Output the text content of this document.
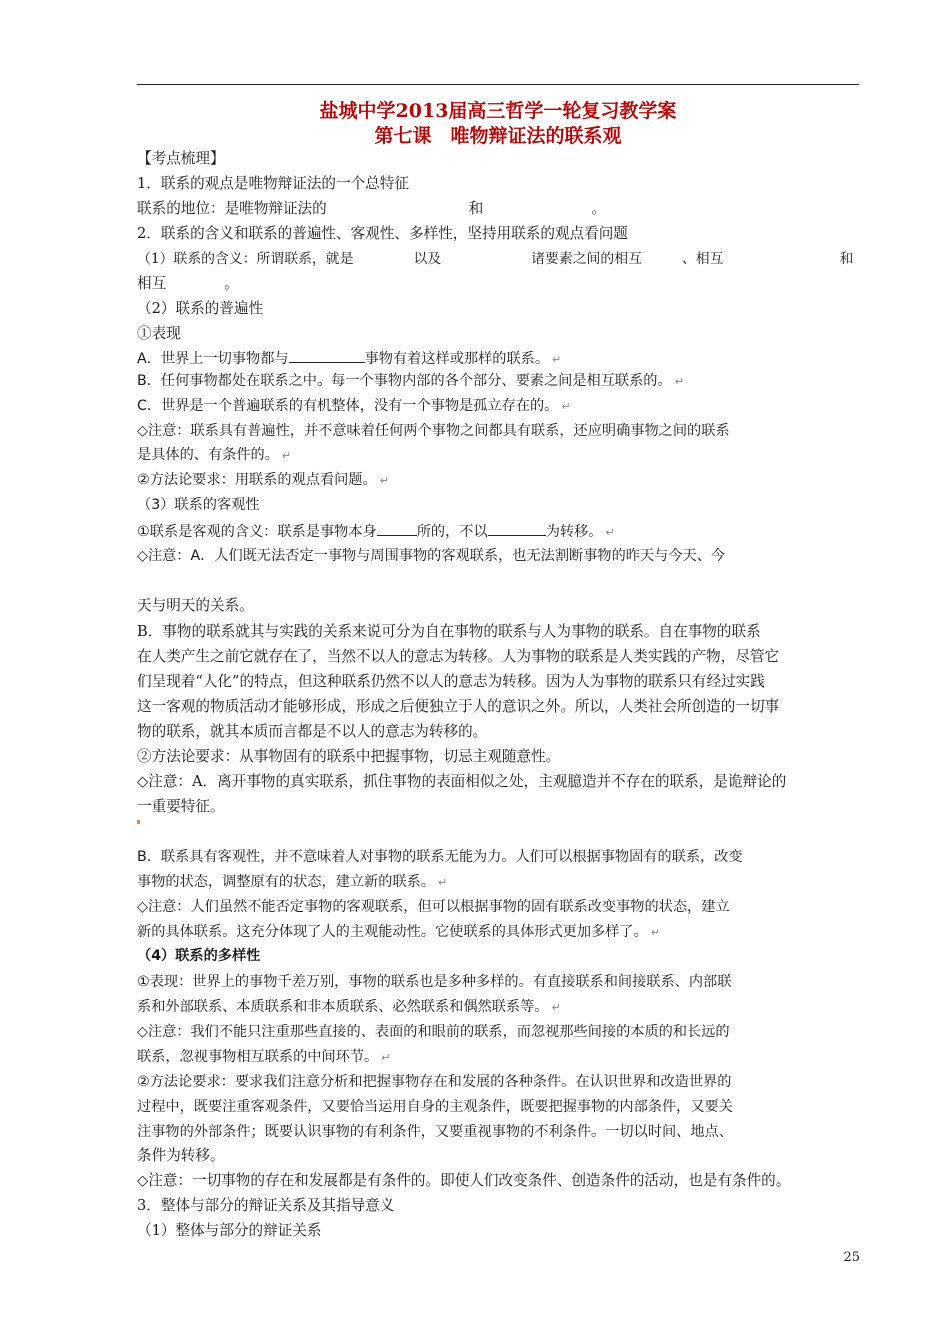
盐城中学2013届高三哲学一轮复习教学案
第七课　唯物辩证法的联系观
【考点梳理】
1．联系的观点是唯物辩证法的一个总特征
联系的地位：是唯物辩证法的	和	。
2．联系的含义和联系的普遍性、客观性、多样性，坚持用联系的观点看问题
（1）联系的含义：所谓联系，就是	以及	诸要素之间的相互	、相互	和
相互	。
（2）联系的普遍性
①表现
A．世界上一切事物都与	事物有着这样或那样的联系。 ↵
B．任何事物都处在联系之中。每一个事物内部的各个部分、要素之间是相互联系的。 ↵
C．世界是一个普遍联系的有机整体，没有一个事物是孤立存在的。 ↵
◇注意：联系具有普遍性，并不意味着任何两个事物之间都具有联系，还应明确事物之间的联系
是具体的、有条件的。 ↵
②方法论要求：用联系的观点看问题。 ↵
（3）联系的客观性
①联系是客观的含义：联系是事物本身	所的，不以	为转移。 ↵
◇注意：A．人们既无法否定一事物与周围事物的客观联系，也无法割断事物的昨天与今天、今
天与明天的关系。
B．事物的联系就其与实践的关系来说可分为自在事物的联系与人为事物的联系。自在事物的联系
在人类产生之前它就存在了，当然不以人的意志为转移。人为事物的联系是人类实践的产物，尽管它
们呈现着“人化”的特点，但这种联系仍然不以人的意志为转移。因为人为事物的联系只有经过实践
这一客观的物质活动才能够形成，形成之后便独立于人的意识之外。所以，人类社会所创造的一切事
物的联系，就其本质而言都是不以人的意志为转移的。
②方法论要求：从事物固有的联系中把握事物，切忌主观随意性。
◇注意：A．离开事物的真实联系，抓住事物的表面相似之处，主观臆造并不存在的联系，是诡辩论的
一重要特征。
B．联系具有客观性，并不意味着人对事物的联系无能为力。人们可以根据事物固有的联系，改变
事物的状态，调整原有的状态，建立新的联系。 ↵
◇注意：人们虽然不能否定事物的客观联系，但可以根据事物的固有联系改变事物的状态，建立
新的具体联系。这充分体现了人的主观能动性。它使联系的具体形式更加多样了。 ↵
（4）联系的多样性
①表现：世界上的事物千差万别，事物的联系也是多种多样的。有直接联系和间接联系、内部联
系和外部联系、本质联系和非本质联系、必然联系和偶然联系等。 ↵
◇注意：我们不能只注重那些直接的、表面的和眼前的联系，而忽视那些间接的本质的和长远的
联系，忽视事物相互联系的中间环节。 ↵
②方法论要求：要求我们注意分析和把握事物存在和发展的各种条件。在认识世界和改造世界的
过程中，既要注重客观条件，又要恰当运用自身的主观条件，既要把握事物的内部条件，又要关
注事物的外部条件；既要认识事物的有利条件，又要重视事物的不利条件。一切以时间、地点、
条件为转移。
◇注意：一切事物的存在和发展都是有条件的。即使人们改变条件、创造条件的活动，也是有条件的。
3．整体与部分的辩证关系及其指导意义
（1）整体与部分的辩证关系
25
